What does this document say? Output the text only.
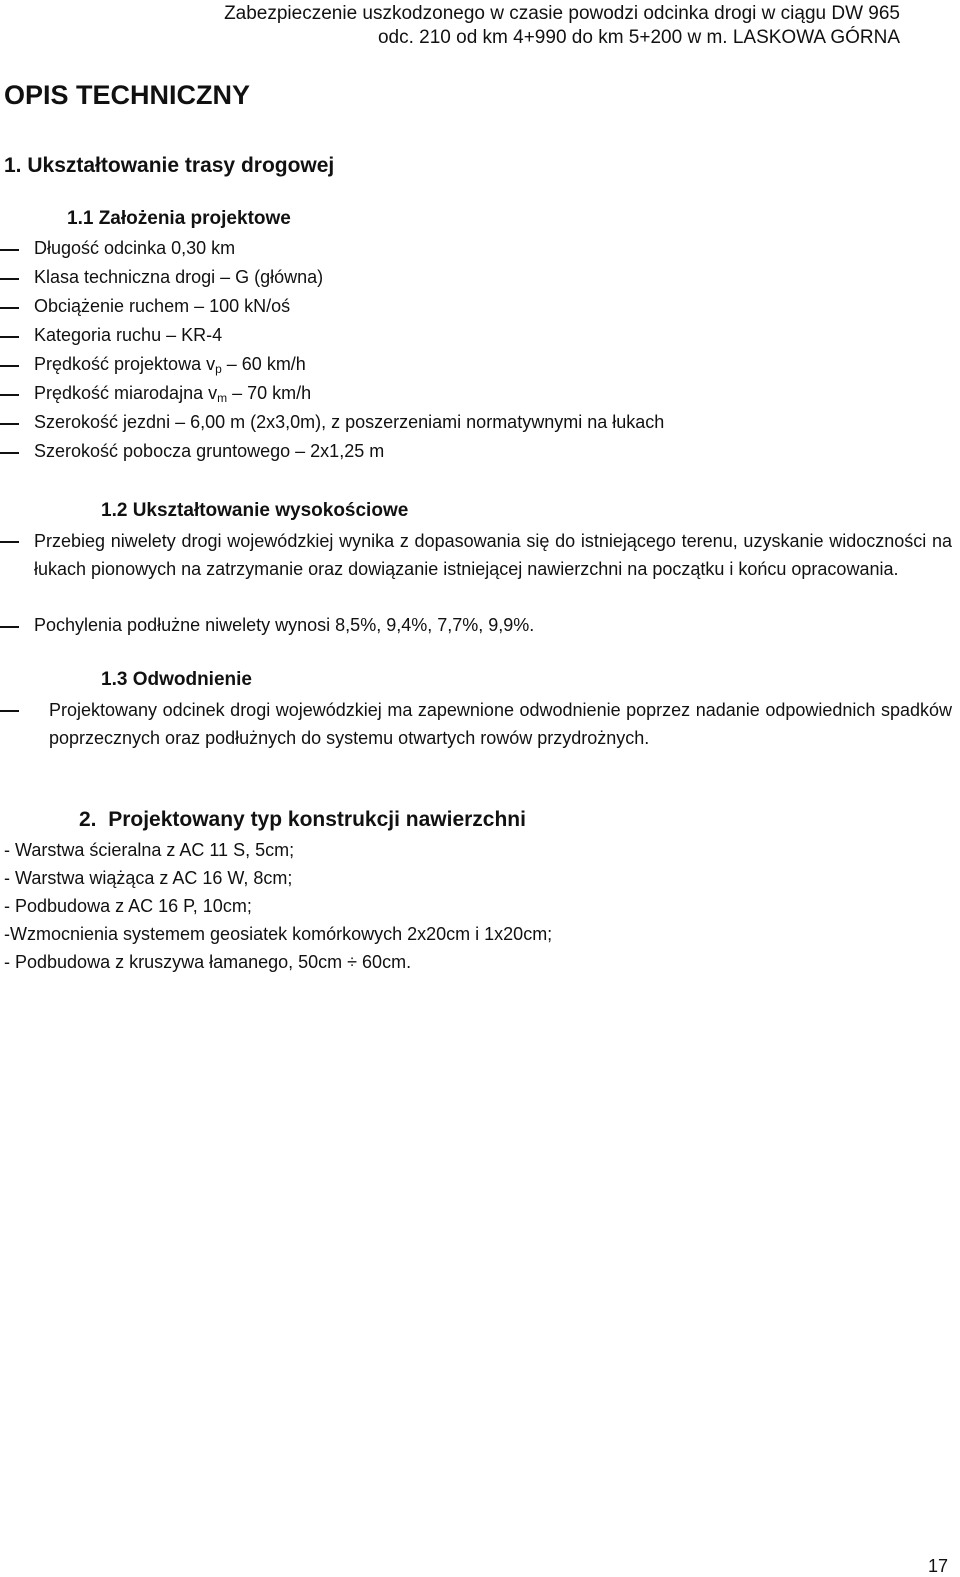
Zabezpieczenie uszkodzonego w czasie powodzi odcinka drogi w ciągu DW 965
odc. 210 od km 4+990 do km 5+200 w m. LASKOWA GÓRNA
OPIS TECHNICZNY
1. Ukształtowanie trasy drogowej
1.1 Założenia projektowe
Długość odcinka 0,30 km
Klasa techniczna drogi – G (główna)
Obciążenie ruchem – 100 kN/oś
Kategoria ruchu – KR-4
Prędkość projektowa $v_p - 60$ km/h
Prędkość miarodajna $v_m - 70$ km/h
Szerokość jezdni – 6,00 m (2x3,0m), z poszerzeniami normatywnymi na łukach
Szerokość pobocza gruntowego – 2x1,25 m
1.2 Ukształtowanie wysokościowe
Przebieg niwelety drogi wojewódzkiej wynika z dopasowania się do istniejącego terenu, uzyskanie widoczności na łukach pionowych na zatrzymanie oraz dowiązanie istniejącej nawierzchni na początku i końcu opracowania.
Pochylenia podłużne niwelety wynosi 8,5%, 9,4%, 7,7%, 9,9%.
1.3 Odwodnienie
Projektowany odcinek drogi wojewódzkiej ma zapewnione odwodnienie poprzez nadanie odpowiednich spadków poprzecznych oraz podłużnych do systemu otwartych rowów przydrożnych.
2. Projektowany typ konstrukcji nawierzchni
- Warstwa ścieralna z AC 11 S, 5cm;
- Warstwa wiążąca z AC 16 W, 8cm;
- Podbudowa z AC 16 P, 10cm;
-Wzmocnienia systemem geosiatek komórkowych 2x20cm i 1x20cm;
- Podbudowa z kruszywa łamanego, 50cm ÷ 60cm.
17
